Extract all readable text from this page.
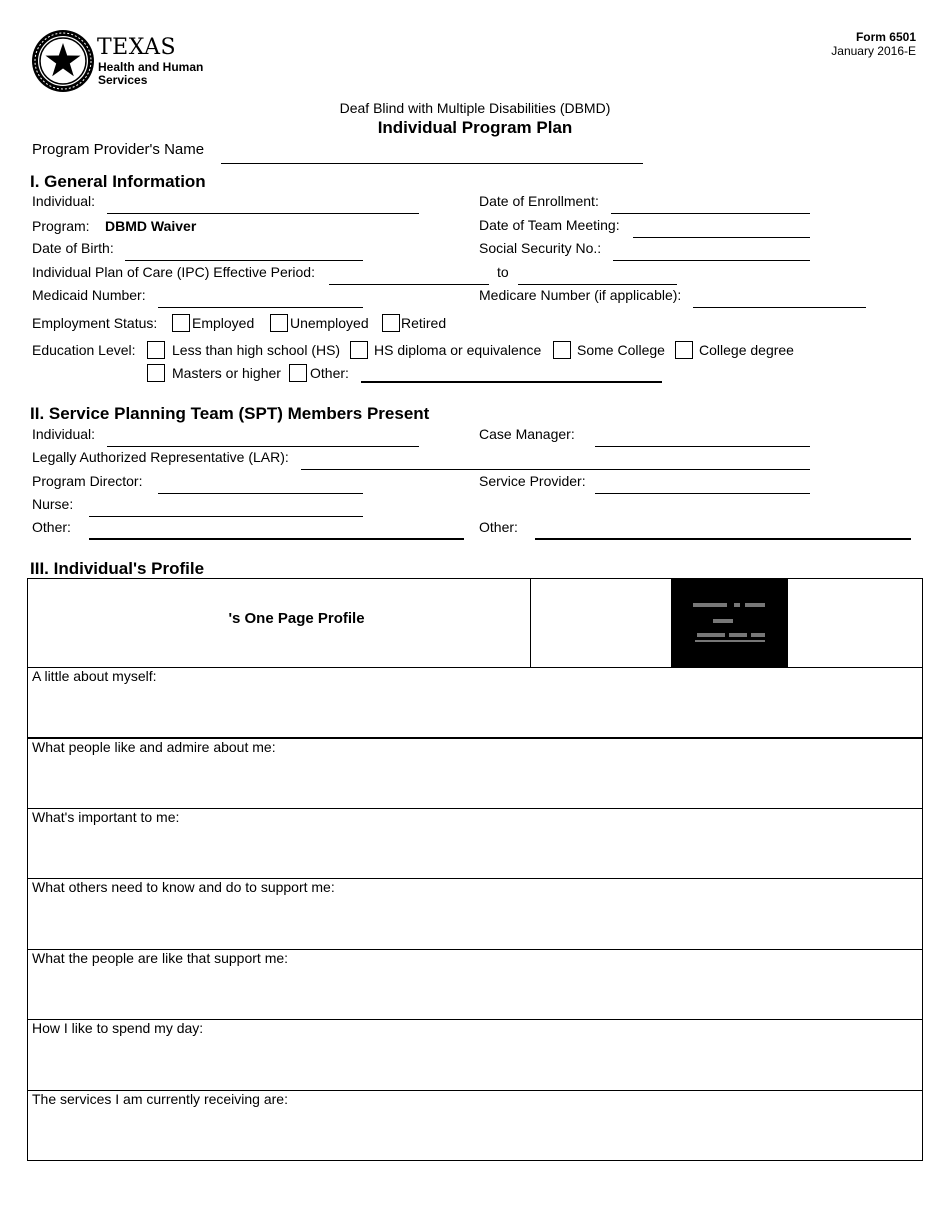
TEXAS
Health and Human
Services
Form 6501
January 2016-E
Deaf Blind with Multiple Disabilities (DBMD)
Individual Program Plan
Program Provider's Name
I. General Information
Individual:	Date of Enrollment:
Program: DBMD Waiver	Date of Team Meeting:
Date of Birth:	Social Security No.:
Individual Plan of Care (IPC) Effective Period:	to
Medicaid Number:	Medicare Number (if applicable):
Employment Status: Employed	Unemployed Retired
Education Level:	Less than high school (HS) HS diploma or equivalence	Some College College degree
Masters or higher Other:
II. Service Planning Team (SPT) Members Present
Individual:	Case Manager:
Legally Authorized Representative (LAR):
Program Director:	Service Provider:
Nurse:
Other:	Other:
III. Individual's Profile
's One Page Profile
A little about myself:
What people like and admire about me:
What's important to me:
What others need to know and do to support me:
What the people are like that support me:
How I like to spend my day:
The services I am currently receiving are:
